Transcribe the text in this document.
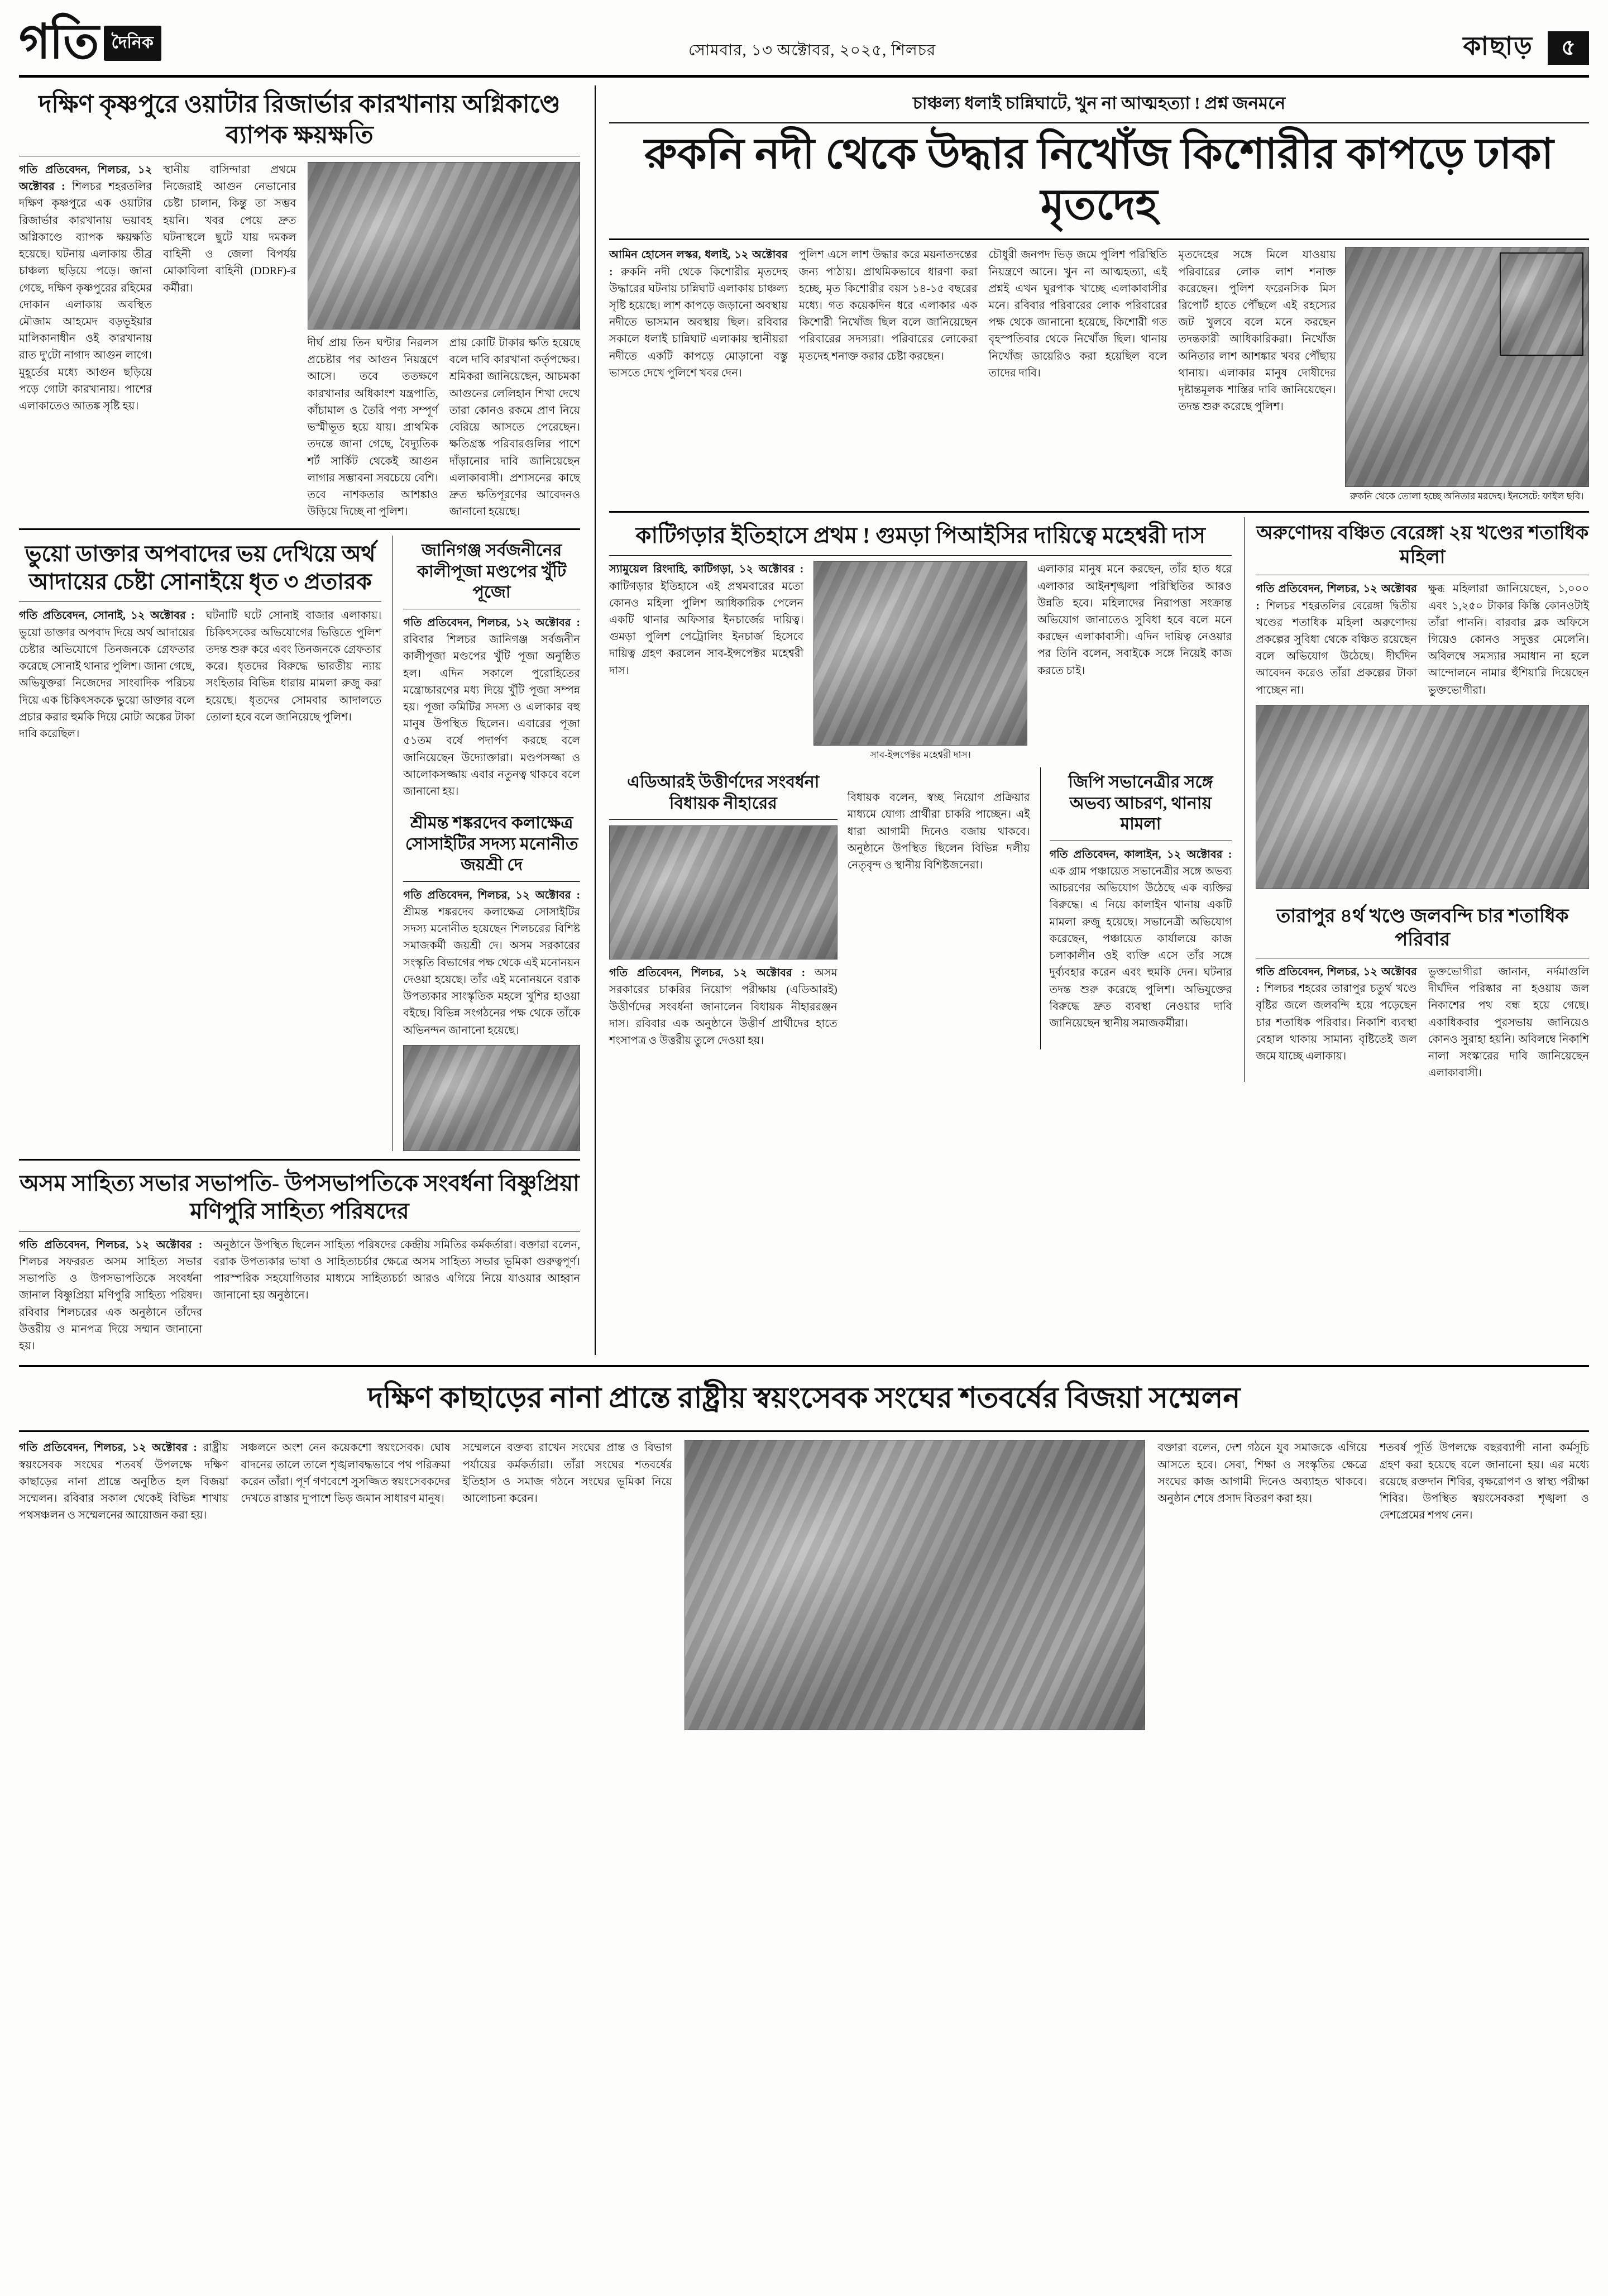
গতি দৈনিক	সোমবার, ১৩ অক্টোবর, ২০২৫, শিলচর	কাছাড়	৫
দক্ষিণ কৃষ্ণপুরে ওয়াটার রিজার্ভার কারখানায় অগ্নিকাণ্ডে ব্যাপক ক্ষয়ক্ষতি
গতি প্রতিবেদন, শিলচর, ১২ অক্টোবর : শিলচর শহরতলির দক্ষিণ কৃষ্ণপুরে এক ওয়াটার রিজার্ভার কারখানায় ভয়াবহ অগ্নিকাণ্ডে ব্যাপক ক্ষয়ক্ষতি হয়েছে। ঘটনায় এলাকায় তীব্র চাঞ্চল্য ছড়িয়ে পড়ে। জানা গেছে, দক্ষিণ কৃষ্ণপুরের রহিমের দোকান এলাকায় অবস্থিত মৌজাম আহমেদ বড়ভূইয়ার মালিকানাধীন ওই কারখানায় রাত দু'টো নাগাদ আগুন লাগে। মুহূর্তের মধ্যে আগুন ছড়িয়ে পড়ে গোটা কারখানায়। পাশের এলাকাতেও আতঙ্ক সৃষ্টি হয়।
স্থানীয় বাসিন্দারা প্রথমে নিজেরাই আগুন নেভানোর চেষ্টা চালান, কিন্তু তা সম্ভব হয়নি। খবর পেয়ে দ্রুত ঘটনাস্থলে ছুটে যায় দমকল বাহিনী ও জেলা বিপর্যয় মোকাবিলা বাহিনী (DDRF)-র কর্মীরা।
দীর্ঘ প্রায় তিন ঘণ্টার নিরলস প্রচেষ্টার পর আগুন নিয়ন্ত্রণে আসে। তবে ততক্ষণে কারখানার অধিকাংশ যন্ত্রপাতি, কাঁচামাল ও তৈরি পণ্য সম্পূর্ণ ভস্মীভূত হয়ে যায়। প্রাথমিক তদন্তে জানা গেছে, বৈদ্যুতিক শর্ট সার্কিট থেকেই আগুন লাগার সম্ভাবনা সবচেয়ে বেশি। তবে নাশকতার আশঙ্কাও উড়িয়ে দিচ্ছে না পুলিশ।
প্রায় কোটি টাকার ক্ষতি হয়েছে বলে দাবি কারখানা কর্তৃপক্ষের। শ্রমিকরা জানিয়েছেন, আচমকা আগুনের লেলিহান শিখা দেখে তারা কোনও রকমে প্রাণ নিয়ে বেরিয়ে আসতে পেরেছেন। ক্ষতিগ্রস্ত পরিবারগুলির পাশে দাঁড়ানোর দাবি জানিয়েছেন এলাকাবাসী। প্রশাসনের কাছে দ্রুত ক্ষতিপূরণের আবেদনও জানানো হয়েছে।
ভুয়ো ডাক্তার অপবাদের ভয় দেখিয়ে অর্থ আদায়ের চেষ্টা সোনাইয়ে ধৃত ৩ প্রতারক
গতি প্রতিবেদন, সোনাই, ১২ অক্টোবর : ভুয়ো ডাক্তার অপবাদ দিয়ে অর্থ আদায়ের চেষ্টার অভিযোগে তিনজনকে গ্রেফতার করেছে সোনাই থানার পুলিশ। জানা গেছে, অভিযুক্তরা নিজেদের সাংবাদিক পরিচয় দিয়ে এক চিকিৎসককে ভুয়ো ডাক্তার বলে প্রচার করার হুমকি দিয়ে মোটা অঙ্কের টাকা দাবি করেছিল।
ঘটনাটি ঘটে সোনাই বাজার এলাকায়। চিকিৎসকের অভিযোগের ভিত্তিতে পুলিশ তদন্ত শুরু করে এবং তিনজনকে গ্রেফতার করে। ধৃতদের বিরুদ্ধে ভারতীয় ন্যায় সংহিতার বিভিন্ন ধারায় মামলা রুজু করা হয়েছে। ধৃতদের সোমবার আদালতে তোলা হবে বলে জানিয়েছে পুলিশ।
জানিগঞ্জ সর্বজনীনের কালীপূজা মণ্ডপের খুঁটি পূজো
গতি প্রতিবেদন, শিলচর, ১২ অক্টোবর : রবিবার শিলচর জানিগঞ্জ সর্বজনীন কালীপূজা মণ্ডপের খুঁটি পূজা অনুষ্ঠিত হল। এদিন সকালে পুরোহিতের মন্ত্রোচ্চারণের মধ্য দিয়ে খুঁটি পূজা সম্পন্ন হয়। পূজা কমিটির সদস্য ও এলাকার বহু মানুষ উপস্থিত ছিলেন। এবারের পূজা ৫১তম বর্ষে পদার্পণ করছে বলে জানিয়েছেন উদ্যোক্তারা। মণ্ডপসজ্জা ও আলোকসজ্জায় এবার নতুনত্ব থাকবে বলে জানানো হয়।
শ্রীমন্ত শঙ্করদেব কলাক্ষেত্র সোসাইটির সদস্য মনোনীত জয়শ্রী দে
গতি প্রতিবেদন, শিলচর, ১২ অক্টোবর : শ্রীমন্ত শঙ্করদেব কলাক্ষেত্র সোসাইটির সদস্য মনোনীত হয়েছেন শিলচরের বিশিষ্ট সমাজকর্মী জয়শ্রী দে। অসম সরকারের সংস্কৃতি বিভাগের পক্ষ থেকে এই মনোনয়ন দেওয়া হয়েছে। তাঁর এই মনোনয়নে বরাক উপত্যকার সাংস্কৃতিক মহলে খুশির হাওয়া বইছে। বিভিন্ন সংগঠনের পক্ষ থেকে তাঁকে অভিনন্দন জানানো হয়েছে।
অসম সাহিত্য সভার সভাপতি- উপসভাপতিকে সংবর্ধনা বিষ্ণুপ্রিয়া মণিপুরি সাহিত্য পরিষদের
গতি প্রতিবেদন, শিলচর, ১২ অক্টোবর : শিলচর সফররত অসম সাহিত্য সভার সভাপতি ও উপসভাপতিকে সংবর্ধনা জানাল বিষ্ণুপ্রিয়া মণিপুরি সাহিত্য পরিষদ। রবিবার শিলচরের এক অনুষ্ঠানে তাঁদের উত্তরীয় ও মানপত্র দিয়ে সম্মান জানানো হয়।
অনুষ্ঠানে উপস্থিত ছিলেন সাহিত্য পরিষদের কেন্দ্রীয় সমিতির কর্মকর্তারা। বক্তারা বলেন, বরাক উপত্যকার ভাষা ও সাহিত্যচর্চার ক্ষেত্রে অসম সাহিত্য সভার ভূমিকা গুরুত্বপূর্ণ। পারস্পরিক সহযোগিতার মাধ্যমে সাহিত্যচর্চা আরও এগিয়ে নিয়ে যাওয়ার আহ্বান জানানো হয় অনুষ্ঠানে।
চাঞ্চল্য ধলাই চান্নিঘাটে, খুন না আত্মহত্যা ! প্রশ্ন জনমনে
রুকনি নদী থেকে উদ্ধার নিখোঁজ কিশোরীর কাপড়ে ঢাকা মৃতদেহ
আমিন হোসেন লস্কর, ধলাই, ১২ অক্টোবর : রুকনি নদী থেকে কিশোরীর মৃতদেহ উদ্ধারের ঘটনায় চান্নিঘাট এলাকায় চাঞ্চল্য সৃষ্টি হয়েছে। লাশ কাপড়ে জড়ানো অবস্থায় নদীতে ভাসমান অবস্থায় ছিল। রবিবার সকালে ধলাই চান্নিঘাট এলাকায় স্থানীয়রা নদীতে একটি কাপড়ে মোড়ানো বস্তু ভাসতে দেখে পুলিশে খবর দেন।
পুলিশ এসে লাশ উদ্ধার করে ময়নাতদন্তের জন্য পাঠায়। প্রাথমিকভাবে ধারণা করা হচ্ছে, মৃত কিশোরীর বয়স ১৪-১৫ বছরের মধ্যে। গত কয়েকদিন ধরে এলাকার এক কিশোরী নিখোঁজ ছিল বলে জানিয়েছেন পরিবারের সদস্যরা। পরিবারের লোকেরা মৃতদেহ শনাক্ত করার চেষ্টা করছেন।
চৌধুরী জনপদ ভিড় জমে পুলিশ পরিস্থিতি নিয়ন্ত্রণে আনে। খুন না আত্মহত্যা, এই প্রশ্নই এখন ঘুরপাক খাচ্ছে এলাকাবাসীর মনে। রবিবার পরিবারের লোক পরিবারের পক্ষ থেকে জানানো হয়েছে, কিশোরী গত বৃহস্পতিবার থেকে নিখোঁজ ছিল। থানায় নিখোঁজ ডায়েরিও করা হয়েছিল বলে তাদের দাবি।
মৃতদেহের সঙ্গে মিলে যাওয়ায় পরিবারের লোক লাশ শনাক্ত করেছেন। পুলিশ ফরেনসিক মিস রিপোর্ট হাতে পৌঁছলে এই রহস্যের জট খুলবে বলে মনে করছেন তদন্তকারী আধিকারিকরা। নিখোঁজ অনিতার লাশ আশঙ্কার খবর পৌঁছায় থানায়। এলাকার মানুষ দোষীদের দৃষ্টান্তমূলক শাস্তির দাবি জানিয়েছেন। তদন্ত শুরু করেছে পুলিশ।
রুকনি থেকে তোলা হচ্ছে অনিতার মরদেহ। ইনসেটে: ফাইল ছবি।
কাটিগড়ার ইতিহাসে প্রথম ! গুমড়া পিআইসির দায়িত্বে মহেশ্বরী দাস
স্যামুয়েল রিংদাহি, কাটিগড়া, ১২ অক্টোবর : কাটিগড়ার ইতিহাসে এই প্রথমবারের মতো কোনও মহিলা পুলিশ আধিকারিক পেলেন একটি থানার অফিসার ইনচার্জের দায়িত্ব। গুমড়া পুলিশ পেট্রোলিং ইনচার্জ হিসেবে দায়িত্ব গ্রহণ করলেন সাব-ইন্সপেক্টর মহেশ্বরী দাস।
সাব-ইন্সপেক্টর মহেশ্বরী দাস।
এলাকার মানুষ মনে করছেন, তাঁর হাত ধরে এলাকার আইনশৃঙ্খলা পরিস্থিতির আরও উন্নতি হবে। মহিলাদের নিরাপত্তা সংক্রান্ত অভিযোগ জানাতেও সুবিধা হবে বলে মনে করছেন এলাকাবাসী। এদিন দায়িত্ব নেওয়ার পর তিনি বলেন, সবাইকে সঙ্গে নিয়েই কাজ করতে চাই।
এডিআরই উত্তীর্ণদের সংবর্ধনা বিধায়ক নীহারের
গতি প্রতিবেদন, শিলচর, ১২ অক্টোবর : অসম সরকারের চাকরির নিয়োগ পরীক্ষায় (এডিআরই) উত্তীর্ণদের সংবর্ধনা জানালেন বিধায়ক নীহাররঞ্জন দাস। রবিবার এক অনুষ্ঠানে উত্তীর্ণ প্রার্থীদের হাতে শংসাপত্র ও উত্তরীয় তুলে দেওয়া হয়।
বিধায়ক বলেন, স্বচ্ছ নিয়োগ প্রক্রিয়ার মাধ্যমে যোগ্য প্রার্থীরা চাকরি পাচ্ছেন। এই ধারা আগামী দিনেও বজায় থাকবে। অনুষ্ঠানে উপস্থিত ছিলেন বিভিন্ন দলীয় নেতৃবৃন্দ ও স্থানীয় বিশিষ্টজনেরা।
জিপি সভানেত্রীর সঙ্গে অভব্য আচরণ, থানায় মামলা
গতি প্রতিবেদন, কালাইন, ১২ অক্টোবর : এক গ্রাম পঞ্চায়েত সভানেত্রীর সঙ্গে অভব্য আচরণের অভিযোগ উঠেছে এক ব্যক্তির বিরুদ্ধে। এ নিয়ে কালাইন থানায় একটি মামলা রুজু হয়েছে। সভানেত্রী অভিযোগ করেছেন, পঞ্চায়েত কার্যালয়ে কাজ চলাকালীন ওই ব্যক্তি এসে তাঁর সঙ্গে দুর্ব্যবহার করেন এবং হুমকি দেন। ঘটনার তদন্ত শুরু করেছে পুলিশ। অভিযুক্তের বিরুদ্ধে দ্রুত ব্যবস্থা নেওয়ার দাবি জানিয়েছেন স্থানীয় সমাজকর্মীরা।
অরুণোদয় বঞ্চিত বেরেঙ্গা ২য় খণ্ডের শতাধিক মহিলা
গতি প্রতিবেদন, শিলচর, ১২ অক্টোবর : শিলচর শহরতলির বেরেঙ্গা দ্বিতীয় খণ্ডের শতাধিক মহিলা অরুণোদয় প্রকল্পের সুবিধা থেকে বঞ্চিত রয়েছেন বলে অভিযোগ উঠেছে। দীর্ঘদিন আবেদন করেও তাঁরা প্রকল্পের টাকা পাচ্ছেন না।
ক্ষুব্ধ মহিলারা জানিয়েছেন, ১,০০০ এবং ১,২৫০ টাকার কিস্তি কোনওটাই তাঁরা পাননি। বারবার ব্লক অফিসে গিয়েও কোনও সদুত্তর মেলেনি। অবিলম্বে সমস্যার সমাধান না হলে আন্দোলনে নামার হুঁশিয়ারি দিয়েছেন ভুক্তভোগীরা।
তারাপুর ৪র্থ খণ্ডে জলবন্দি চার শতাধিক পরিবার
গতি প্রতিবেদন, শিলচর, ১২ অক্টোবর : শিলচর শহরের তারাপুর চতুর্থ খণ্ডে বৃষ্টির জলে জলবন্দি হয়ে পড়েছেন চার শতাধিক পরিবার। নিকাশি ব্যবস্থা বেহাল থাকায় সামান্য বৃষ্টিতেই জল জমে যাচ্ছে এলাকায়।
ভুক্তভোগীরা জানান, নর্দমাগুলি দীর্ঘদিন পরিষ্কার না হওয়ায় জল নিকাশের পথ বন্ধ হয়ে গেছে। একাধিকবার পুরসভায় জানিয়েও কোনও সুরাহা হয়নি। অবিলম্বে নিকাশি নালা সংস্কারের দাবি জানিয়েছেন এলাকাবাসী।
দক্ষিণ কাছাড়ের নানা প্রান্তে রাষ্ট্রীয় স্বয়ংসেবক সংঘের শতবর্ষের বিজয়া সম্মেলন
গতি প্রতিবেদন, শিলচর, ১২ অক্টোবর : রাষ্ট্রীয় স্বয়ংসেবক সংঘের শতবর্ষ উপলক্ষে দক্ষিণ কাছাড়ের নানা প্রান্তে অনুষ্ঠিত হল বিজয়া সম্মেলন। রবিবার সকাল থেকেই বিভিন্ন শাখায় পথসঞ্চলন ও সম্মেলনের আয়োজন করা হয়।
সঞ্চলনে অংশ নেন কয়েকশো স্বয়ংসেবক। ঘোষ বাদনের তালে তালে শৃঙ্খলাবদ্ধভাবে পথ পরিক্রমা করেন তাঁরা। পূর্ণ গণবেশে সুসজ্জিত স্বয়ংসেবকদের দেখতে রাস্তার দু'পাশে ভিড় জমান সাধারণ মানুষ।
সম্মেলনে বক্তব্য রাখেন সংঘের প্রান্ত ও বিভাগ পর্যায়ের কর্মকর্তারা। তাঁরা সংঘের শতবর্ষের ইতিহাস ও সমাজ গঠনে সংঘের ভূমিকা নিয়ে আলোচনা করেন।
বক্তারা বলেন, দেশ গঠনে যুব সমাজকে এগিয়ে আসতে হবে। সেবা, শিক্ষা ও সংস্কৃতির ক্ষেত্রে সংঘের কাজ আগামী দিনেও অব্যাহত থাকবে। অনুষ্ঠান শেষে প্রসাদ বিতরণ করা হয়।
শতবর্ষ পূর্তি উপলক্ষে বছরব্যাপী নানা কর্মসূচি গ্রহণ করা হয়েছে বলে জানানো হয়। এর মধ্যে রয়েছে রক্তদান শিবির, বৃক্ষরোপণ ও স্বাস্থ্য পরীক্ষা শিবির। উপস্থিত স্বয়ংসেবকরা শৃঙ্খলা ও দেশপ্রেমের শপথ নেন।
